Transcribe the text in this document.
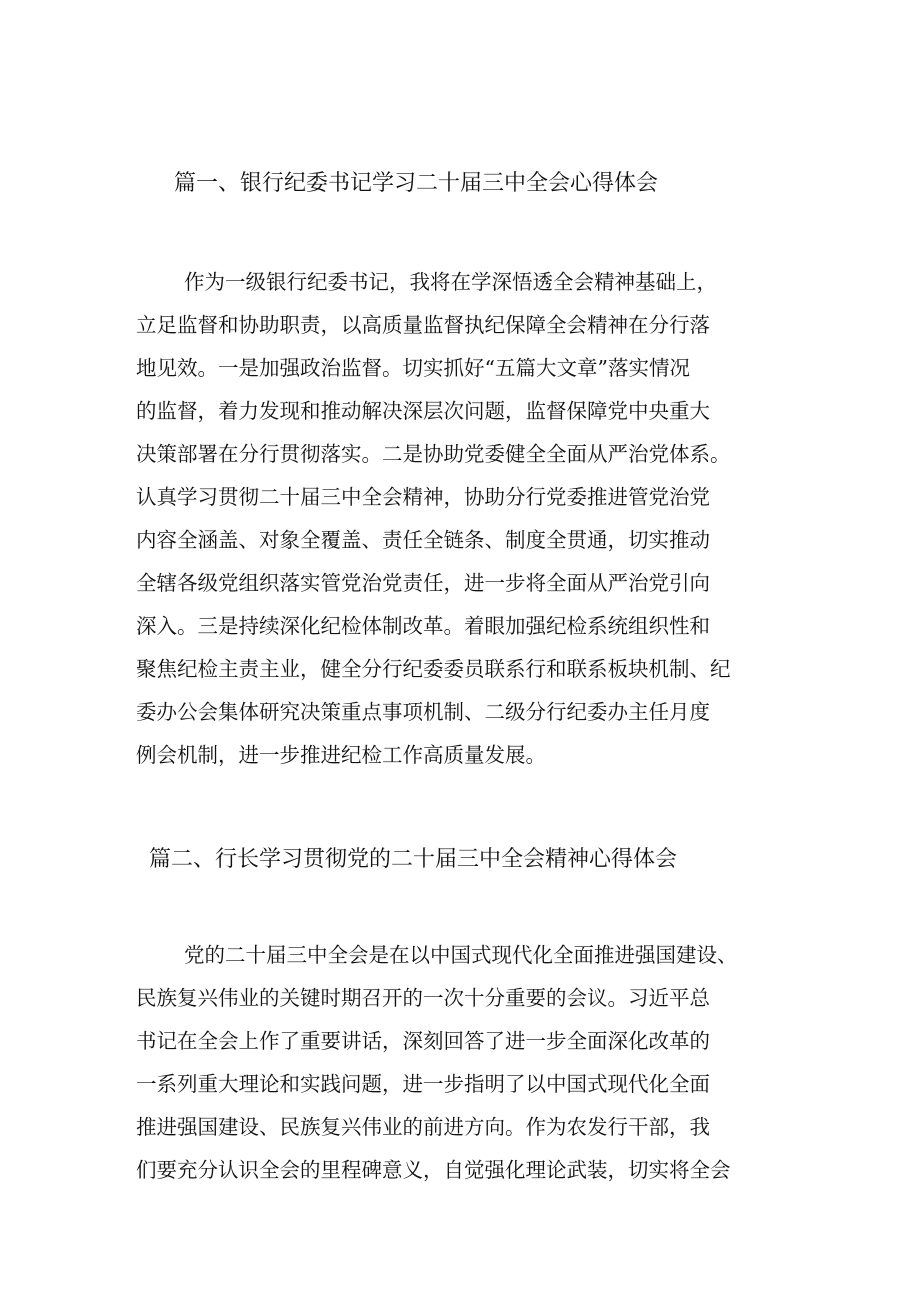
篇一、银行纪委书记学习二十届三中全会心得体会
作为一级银行纪委书记，我将在学深悟透全会精神基础上，
立足监督和协助职责，以高质量监督执纪保障全会精神在分行落
地见效。一是加强政治监督。切实抓好“五篇大文章”落实情况
的监督，着力发现和推动解决深层次问题，监督保障党中央重大
决策部署在分行贯彻落实。二是协助党委健全全面从严治党体系。
认真学习贯彻二十届三中全会精神，协助分行党委推进管党治党
内容全涵盖、对象全覆盖、责任全链条、制度全贯通，切实推动
全辖各级党组织落实管党治党责任，进一步将全面从严治党引向
深入。三是持续深化纪检体制改革。着眼加强纪检系统组织性和
聚焦纪检主责主业，健全分行纪委委员联系行和联系板块机制、纪
委办公会集体研究决策重点事项机制、二级分行纪委办主任月度
例会机制，进一步推进纪检工作高质量发展。
篇二、行长学习贯彻党的二十届三中全会精神心得体会
党的二十届三中全会是在以中国式现代化全面推进强国建设、
民族复兴伟业的关键时期召开的一次十分重要的会议。习近平总
书记在全会上作了重要讲话，深刻回答了进一步全面深化改革的
一系列重大理论和实践问题，进一步指明了以中国式现代化全面
推进强国建设、民族复兴伟业的前进方向。作为农发行干部，我
们要充分认识全会的里程碑意义，自觉强化理论武装，切实将全会
